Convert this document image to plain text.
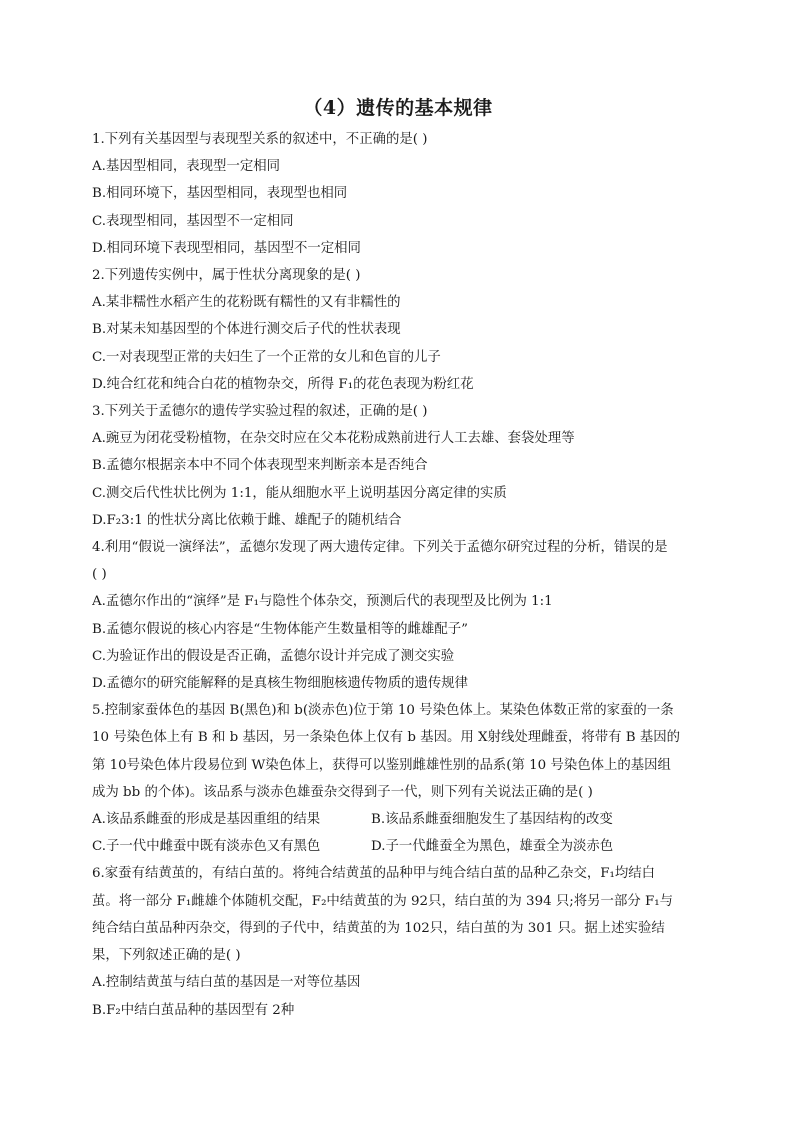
（4）遗传的基本规律
1.下列有关基因型与表现型关系的叙述中，不正确的是( )
A.基因型相同，表现型一定相同
B.相同环境下，基因型相同，表现型也相同
C.表现型相同，基因型不一定相同
D.相同环境下表现型相同，基因型不一定相同
2.下列遗传实例中，属于性状分离现象的是( )
A.某非糯性水稻产生的花粉既有糯性的又有非糯性的
B.对某未知基因型的个体进行测交后子代的性状表现
C.一对表现型正常的夫妇生了一个正常的女儿和色盲的儿子
D.纯合红花和纯合白花的植物杂交，所得 F₁的花色表现为粉红花
3.下列关于孟德尔的遗传学实验过程的叙述，正确的是( )
A.豌豆为闭花受粉植物，在杂交时应在父本花粉成熟前进行人工去雄、套袋处理等
B.孟德尔根据亲本中不同个体表现型来判断亲本是否纯合
C.测交后代性状比例为 1:1，能从细胞水平上说明基因分离定律的实质
D.F₂3:1 的性状分离比依赖于雌、雄配子的随机结合
4.利用“假说一演绎法”，孟德尔发现了两大遗传定律。下列关于孟德尔研究过程的分析，错误的是
( )
A.孟德尔作出的“演绎”是 F₁与隐性个体杂交，预测后代的表现型及比例为 1:1
B.孟德尔假说的核心内容是“生物体能产生数量相等的雌雄配子”
C.为验证作出的假设是否正确，孟德尔设计并完成了测交实验
D.孟德尔的研究能解释的是真核生物细胞核遗传物质的遗传规律
5.控制家蚕体色的基因 B(黑色)和 b(淡赤色)位于第 10 号染色体上。某染色体数正常的家蚕的一条
10 号染色体上有 B 和 b 基因，另一条染色体上仅有 b 基因。用 X射线处理雌蚕，将带有 B 基因的
第 10号染色体片段易位到 W染色体上，获得可以鉴别雌雄性别的品系(第 10 号染色体上的基因组
成为 bb 的个体)。该品系与淡赤色雄蚕杂交得到子一代，则下列有关说法正确的是( )
A.该品系雌蚕的形成是基因重组的结果	B.该品系雌蚕细胞发生了基因结构的改变
C.子一代中雌蚕中既有淡赤色又有黑色	D.子一代雌蚕全为黑色，雄蚕全为淡赤色
6.家蚕有结黄茧的，有结白茧的。将纯合结黄茧的品种甲与纯合结白茧的品种乙杂交，F₁均结白
茧。将一部分 F₁雌雄个体随机交配，F₂中结黄茧的为 92只，结白茧的为 394 只;将另一部分 F₁与
纯合结白茧品种丙杂交，得到的子代中，结黄茧的为 102只，结白茧的为 301 只。据上述实验结
果，下列叙述正确的是( )
A.控制结黄茧与结白茧的基因是一对等位基因
B.F₂中结白茧品种的基因型有 2种
